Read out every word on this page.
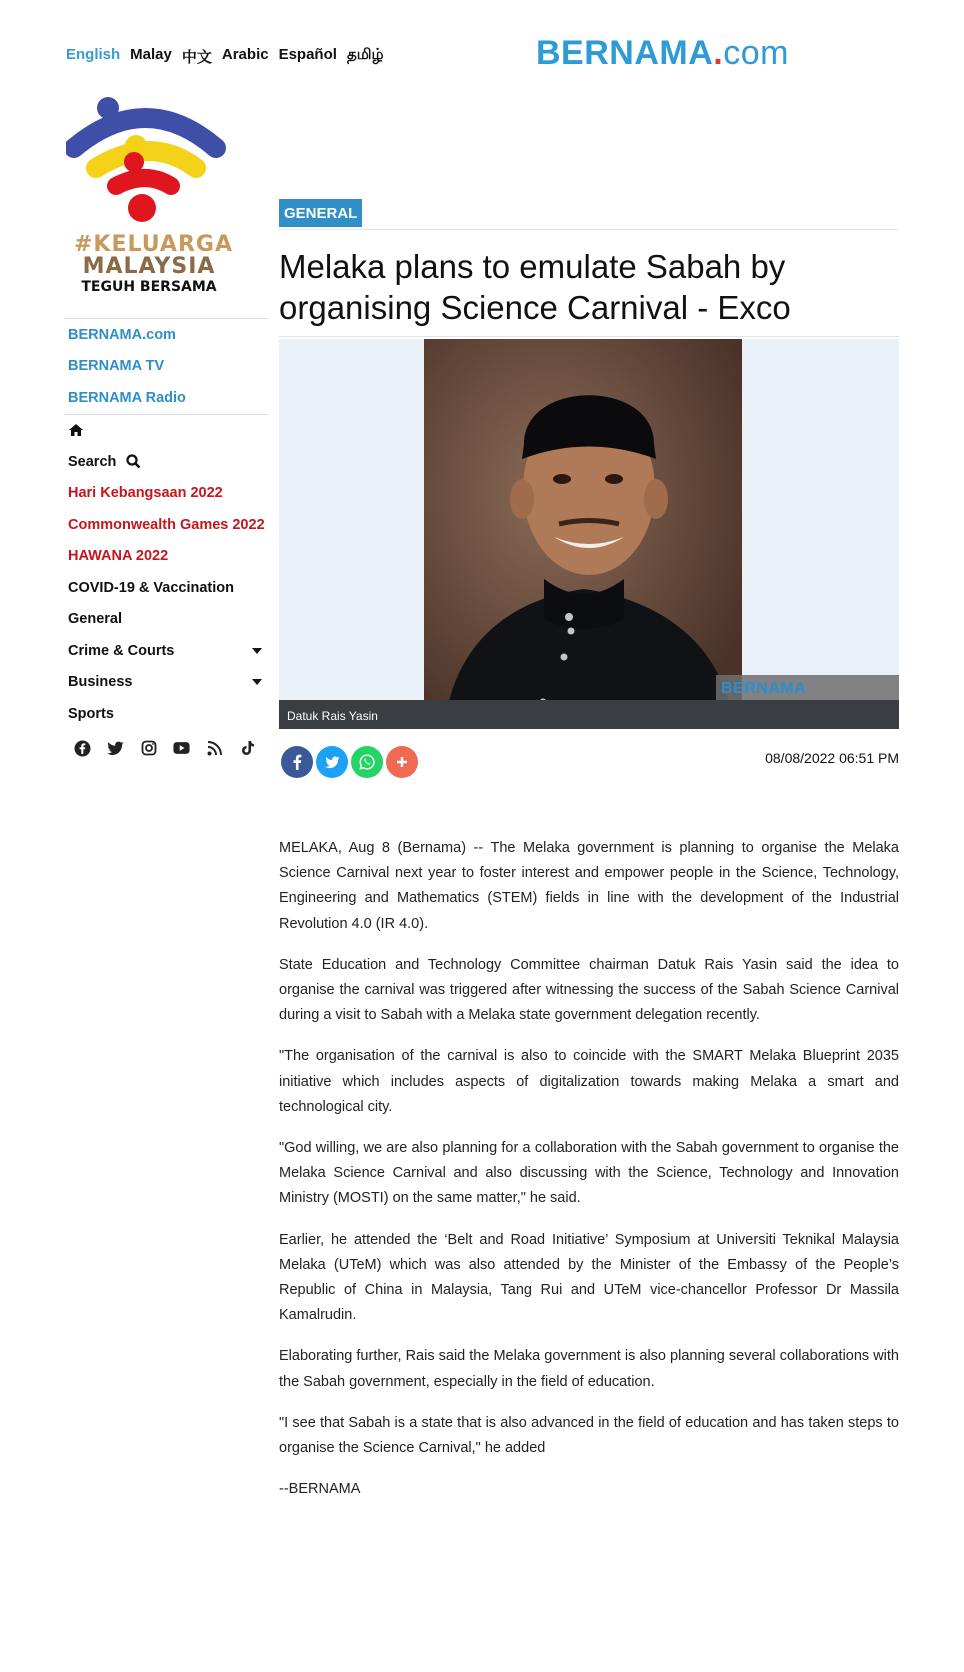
English Malay 中文 Arabic Español தமிழ்	BERNAMA.com
#KELUARGA
MALAYSIA
TEGUH BERSAMA
BERNAMA.com
BERNAMA TV
BERNAMA Radio
Search
Hari Kebangsaan 2022
Commonwealth Games 2022
HAWANA 2022
COVID-19 & Vaccination
General
Crime & Courts
Business
Sports
GENERAL
Melaka plans to emulate Sabah by organising Science Carnival - Exco
BERNAMA
Datuk Rais Yasin
08/08/2022 06:51 PM

MELAKA, Aug 8 (Bernama) -- The Melaka government is planning to organise the Melaka Science Carnival next year to foster interest and empower people in the Science, Technology, Engineering and Mathematics (STEM) fields in line with the development of the Industrial Revolution 4.0 (IR 4.0).

State Education and Technology Committee chairman Datuk Rais Yasin said the idea to organise the carnival was triggered after witnessing the success of the Sabah Science Carnival during a visit to Sabah with a Melaka state government delegation recently.

"The organisation of the carnival is also to coincide with the SMART Melaka Blueprint 2035 initiative which includes aspects of digitalization towards making Melaka a smart and technological city.

"God willing, we are also planning for a collaboration with the Sabah government to organise the Melaka Science Carnival and also discussing with the Science, Technology and Innovation Ministry (MOSTI) on the same matter," he said.

Earlier, he attended the ‘Belt and Road Initiative’ Symposium at Universiti Teknikal Malaysia Melaka (UTeM) which was also attended by the Minister of the Embassy of the People’s Republic of China in Malaysia, Tang Rui and UTeM vice-chancellor Professor Dr Massila Kamalrudin.

Elaborating further, Rais said the Melaka government is also planning several collaborations with the Sabah government, especially in the field of education.

"I see that Sabah is a state that is also advanced in the field of education and has taken steps to organise the Science Carnival," he added

--BERNAMA
